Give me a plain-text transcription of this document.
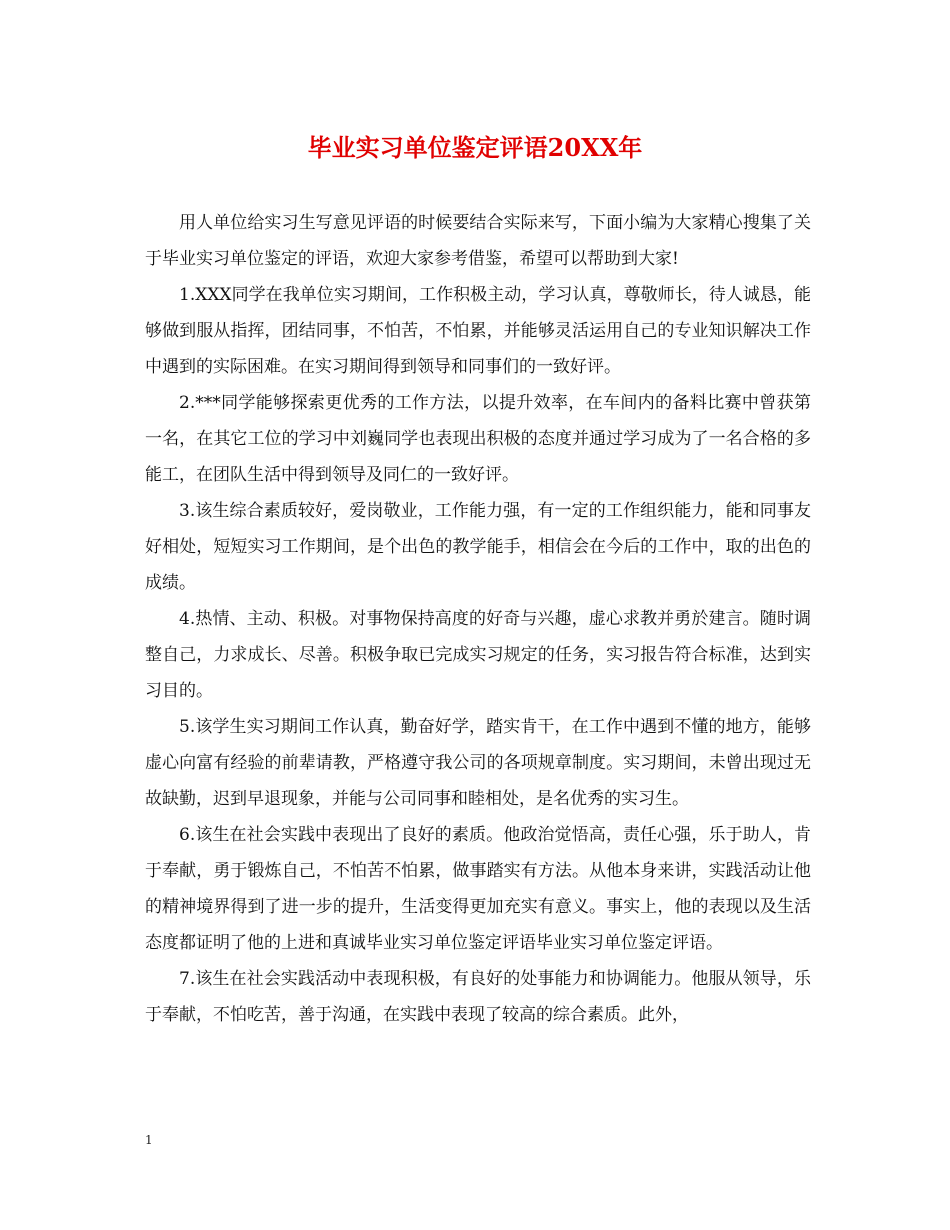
毕业实习单位鉴定评语20XX年

用人单位给实习生写意见评语的时候要结合实际来写，下面小编为大家精心搜集了关于毕业实习单位鉴定的评语，欢迎大家参考借鉴，希望可以帮助到大家!

1.XXX同学在我单位实习期间，工作积极主动，学习认真，尊敬师长，待人诚恳，能够做到服从指挥，团结同事，不怕苦，不怕累，并能够灵活运用自己的专业知识解决工作中遇到的实际困难。在实习期间得到领导和同事们的一致好评。

2.***同学能够探索更优秀的工作方法，以提升效率，在车间内的备料比赛中曾获第一名，在其它工位的学习中刘巍同学也表现出积极的态度并通过学习成为了一名合格的多能工，在团队生活中得到领导及同仁的一致好评。

3.该生综合素质较好，爱岗敬业，工作能力强，有一定的工作组织能力，能和同事友好相处，短短实习工作期间，是个出色的教学能手，相信会在今后的工作中，取的出色的成绩。

4.热情、主动、积极。对事物保持高度的好奇与兴趣，虚心求教并勇於建言。随时调整自己，力求成长、尽善。积极争取已完成实习规定的任务，实习报告符合标准，达到实习目的。

5.该学生实习期间工作认真，勤奋好学，踏实肯干，在工作中遇到不懂的地方，能够虚心向富有经验的前辈请教，严格遵守我公司的各项规章制度。实习期间，未曾出现过无故缺勤，迟到早退现象，并能与公司同事和睦相处，是名优秀的实习生。

6.该生在社会实践中表现出了良好的素质。他政治觉悟高，责任心强，乐于助人，肯于奉献，勇于锻炼自己，不怕苦不怕累，做事踏实有方法。从他本身来讲，实践活动让他的精神境界得到了进一步的提升，生活变得更加充实有意义。事实上，他的表现以及生活态度都证明了他的上进和真诚毕业实习单位鉴定评语毕业实习单位鉴定评语。

7.该生在社会实践活动中表现积极，有良好的处事能力和协调能力。他服从领导，乐于奉献，不怕吃苦，善于沟通，在实践中表现了较高的综合素质。此外，

1
